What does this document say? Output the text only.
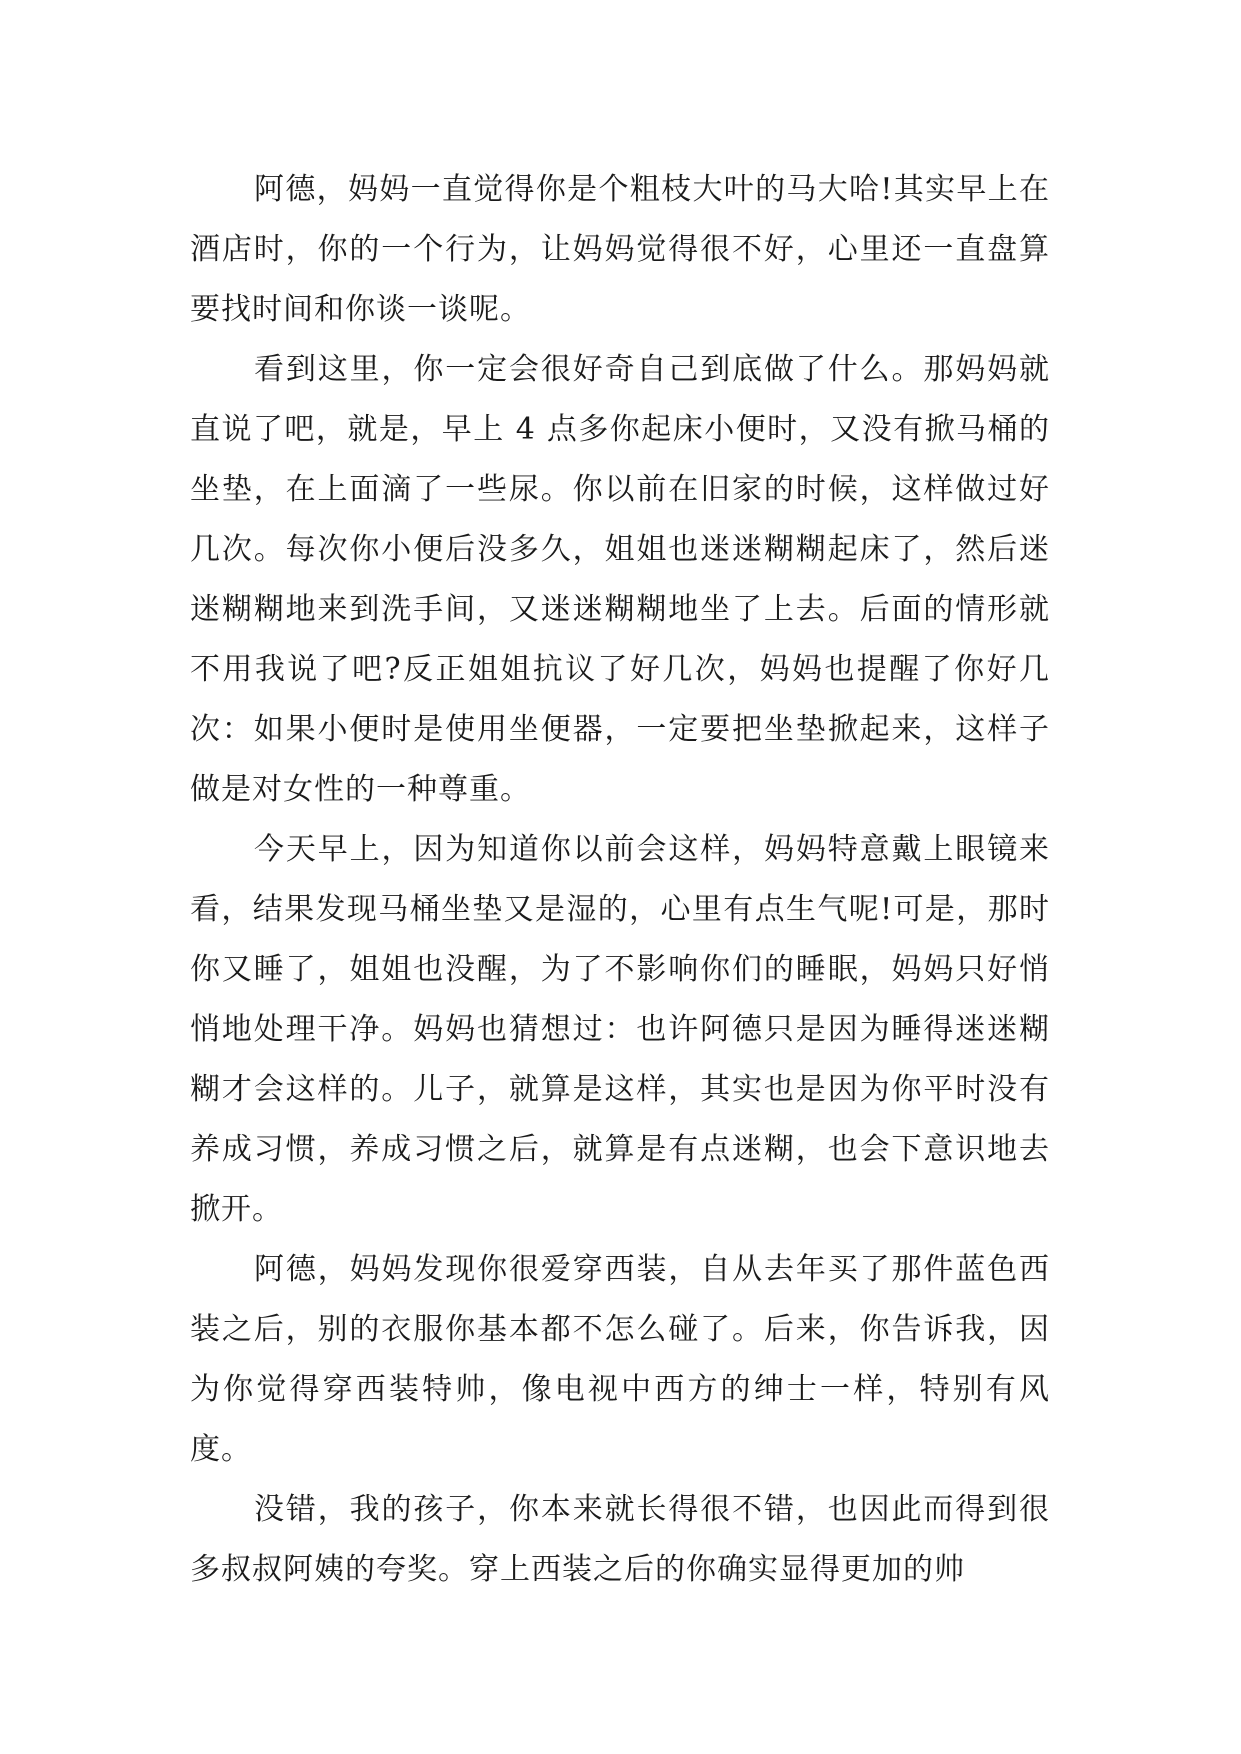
阿德，妈妈一直觉得你是个粗枝大叶的马大哈!其实早上在酒店时，你的一个行为，让妈妈觉得很不好，心里还一直盘算要找时间和你谈一谈呢。

看到这里，你一定会很好奇自己到底做了什么。那妈妈就直说了吧，就是，早上 4 点多你起床小便时，又没有掀马桶的坐垫，在上面滴了一些尿。你以前在旧家的时候，这样做过好几次。每次你小便后没多久，姐姐也迷迷糊糊起床了，然后迷迷糊糊地来到洗手间，又迷迷糊糊地坐了上去。后面的情形就不用我说了吧?反正姐姐抗议了好几次，妈妈也提醒了你好几次：如果小便时是使用坐便器，一定要把坐垫掀起来，这样子做是对女性的一种尊重。

今天早上，因为知道你以前会这样，妈妈特意戴上眼镜来看，结果发现马桶坐垫又是湿的，心里有点生气呢!可是，那时你又睡了，姐姐也没醒，为了不影响你们的睡眠，妈妈只好悄悄地处理干净。妈妈也猜想过：也许阿德只是因为睡得迷迷糊糊才会这样的。儿子，就算是这样，其实也是因为你平时没有养成习惯，养成习惯之后，就算是有点迷糊，也会下意识地去掀开。

阿德，妈妈发现你很爱穿西装，自从去年买了那件蓝色西装之后，别的衣服你基本都不怎么碰了。后来，你告诉我，因为你觉得穿西装特帅，像电视中西方的绅士一样，特别有风度。

没错，我的孩子，你本来就长得很不错，也因此而得到很多叔叔阿姨的夸奖。穿上西装之后的你确实显得更加的帅
